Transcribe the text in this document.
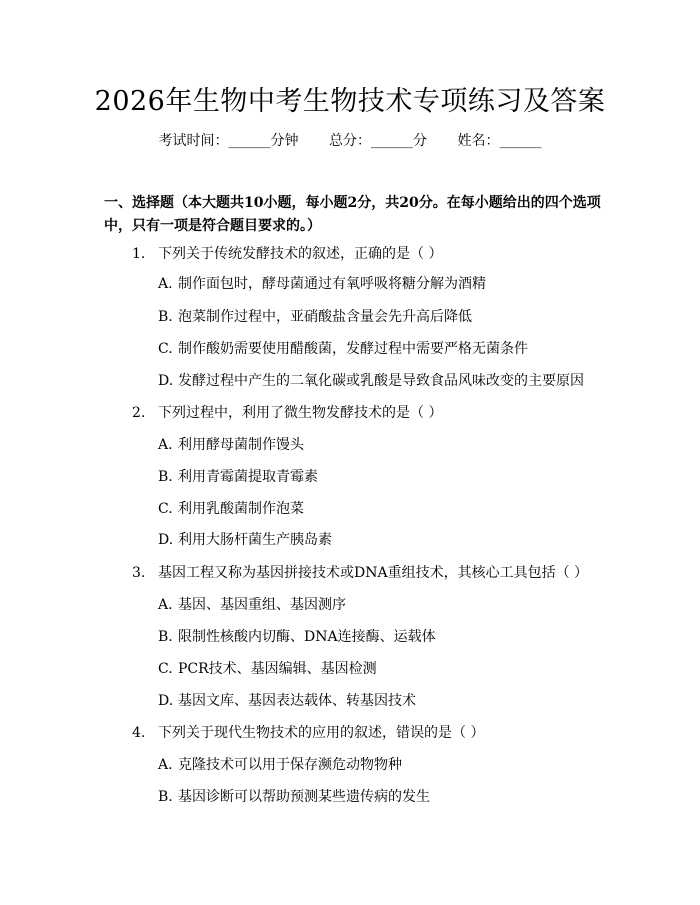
2026年生物中考生物技术专项练习及答案
考试时间：______分钟 总分：______分 姓名：______
一、选择题（本大题共10小题，每小题2分，共20分。在每小题给出的四个选项中，只有一项是符合题目要求的。）
1. 下列关于传统发酵技术的叙述，正确的是（ ）
A. 制作面包时，酵母菌通过有氧呼吸将糖分解为酒精
B. 泡菜制作过程中，亚硝酸盐含量会先升高后降低
C. 制作酸奶需要使用醋酸菌，发酵过程中需要严格无菌条件
D. 发酵过程中产生的二氧化碳或乳酸是导致食品风味改变的主要原因
2. 下列过程中，利用了微生物发酵技术的是（ ）
A. 利用酵母菌制作馒头
B. 利用青霉菌提取青霉素
C. 利用乳酸菌制作泡菜
D. 利用大肠杆菌生产胰岛素
3. 基因工程又称为基因拼接技术或DNA重组技术，其核心工具包括（ ）
A. 基因、基因重组、基因测序
B. 限制性核酸内切酶、DNA连接酶、运载体
C. PCR技术、基因编辑、基因检测
D. 基因文库、基因表达载体、转基因技术
4. 下列关于现代生物技术的应用的叙述，错误的是（ ）
A. 克隆技术可以用于保存濒危动物物种
B. 基因诊断可以帮助预测某些遗传病的发生
